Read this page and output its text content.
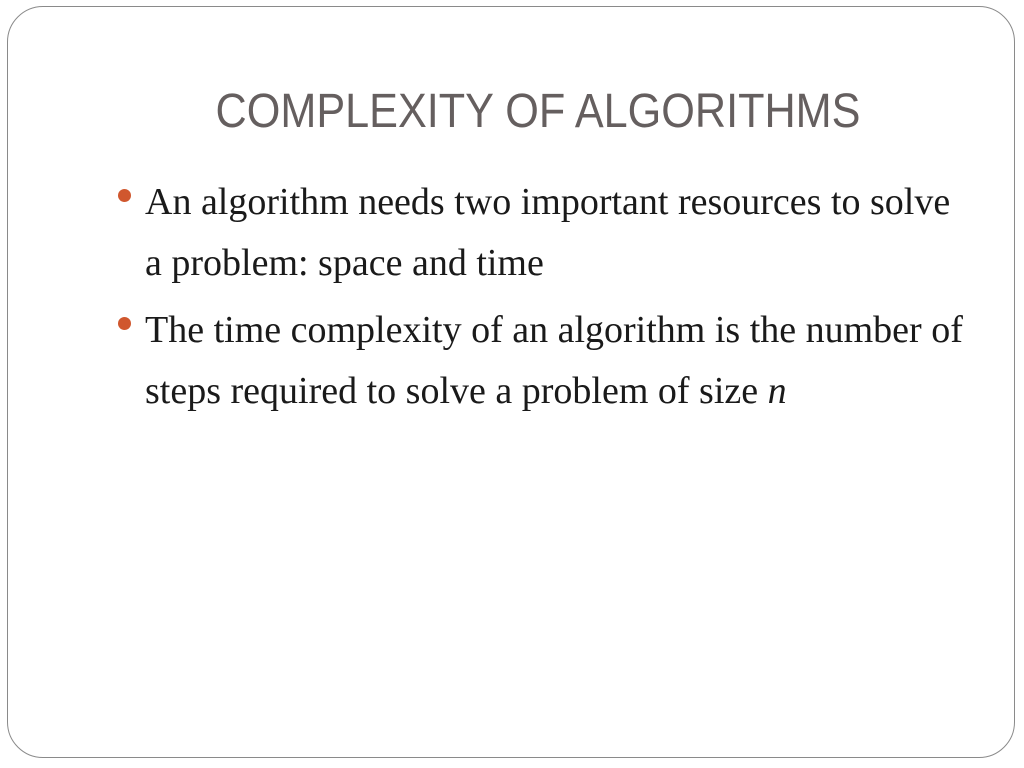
COMPLEXITY OF ALGORITHMS
An algorithm needs two important resources to solve a problem: space and time
The time complexity of an algorithm is the number of steps required to solve a problem of size n
